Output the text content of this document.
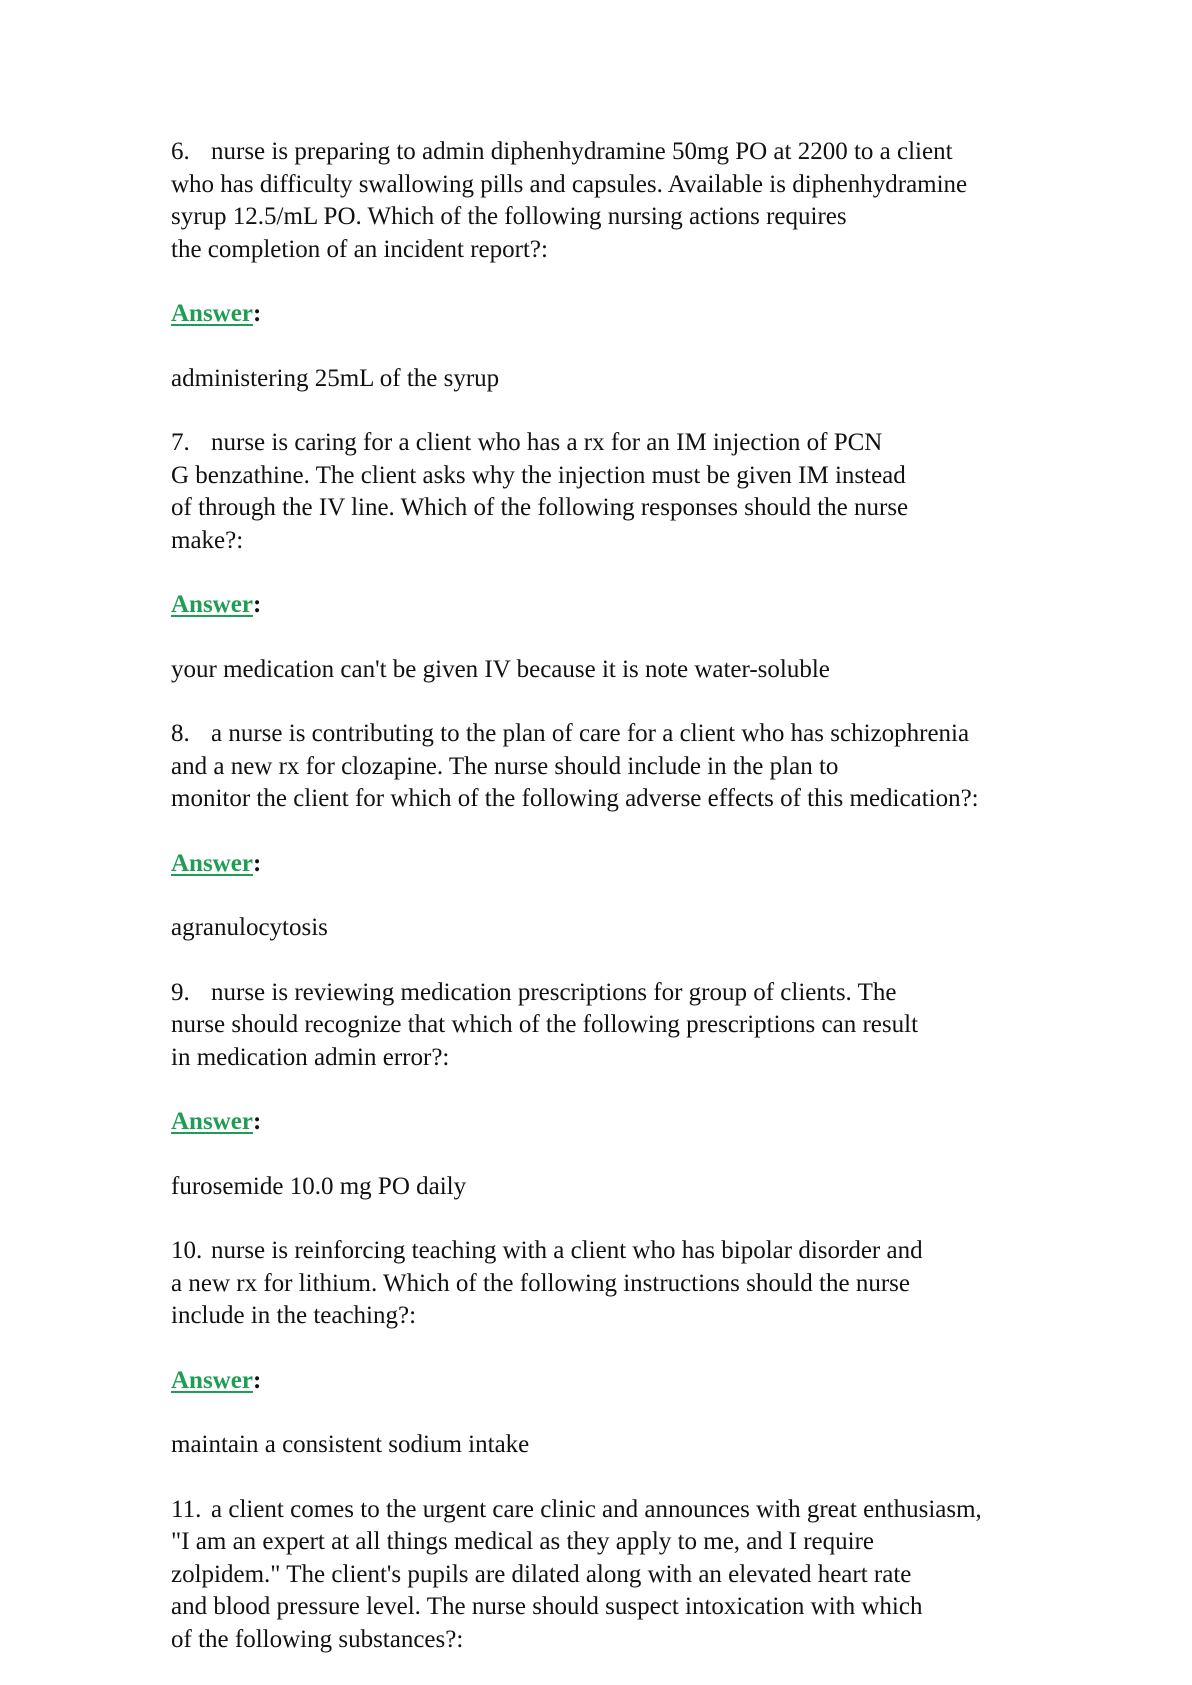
6. nurse is preparing to admin diphenhydramine 50mg PO at 2200 to a client
who has difficulty swallowing pills and capsules. Available is diphenhydramine
syrup 12.5/mL PO. Which of the following nursing actions requires
the completion of an incident report?:

Answer:

administering 25mL of the syrup

7. nurse is caring for a client who has a rx for an IM injection of PCN
G benzathine. The client asks why the injection must be given IM instead
of through the IV line. Which of the following responses should the nurse
make?:

Answer:

your medication can't be given IV because it is note water-soluble

8. a nurse is contributing to the plan of care for a client who has schizophrenia
and a new rx for clozapine. The nurse should include in the plan to
monitor the client for which of the following adverse effects of this medication?:

Answer:

agranulocytosis

9. nurse is reviewing medication prescriptions for group of clients. The
nurse should recognize that which of the following prescriptions can result
in medication admin error?:

Answer:

furosemide 10.0 mg PO daily

10. nurse is reinforcing teaching with a client who has bipolar disorder and
a new rx for lithium. Which of the following instructions should the nurse
include in the teaching?:

Answer:

maintain a consistent sodium intake

11. a client comes to the urgent care clinic and announces with great enthusiasm,
"I am an expert at all things medical as they apply to me, and I require
zolpidem." The client's pupils are dilated along with an elevated heart rate
and blood pressure level. The nurse should suspect intoxication with which
of the following substances?:
